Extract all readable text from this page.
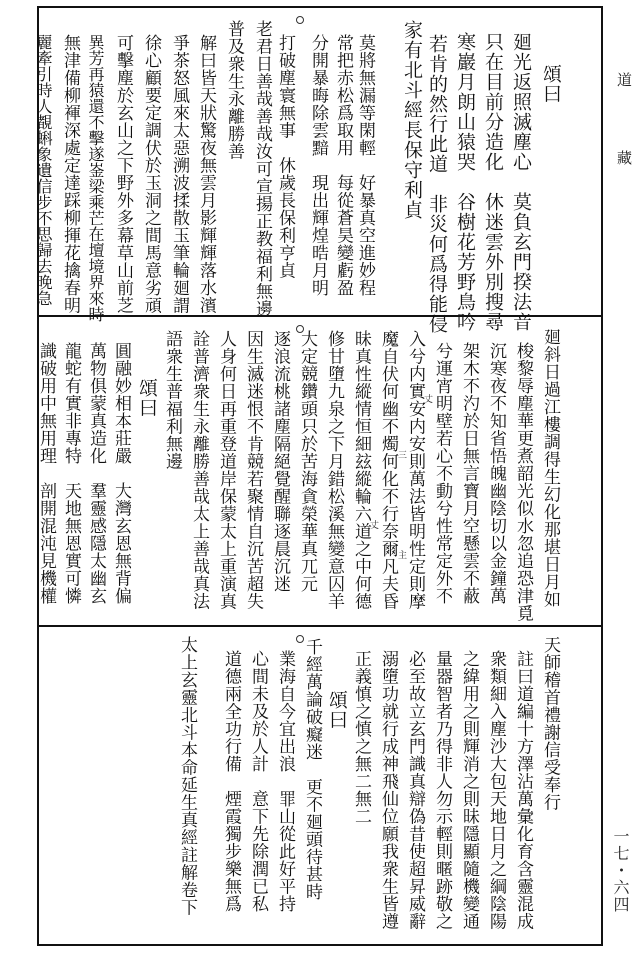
道
藏
一七・六四
家有北斗經長保守利貞 若肯的然行此道　非災何爲得能侵 寒巖月朗山猿哭　谷樹花芳野鳥吟 只在目前分造化　休迷雲外別搜尋 廻光返照滅塵心　莫負玄門揆法音 頌曰
莫將無漏等閑輕　好暴真空進妙程
常把赤松爲取用　每從蒼昊變虧盈
分開暴晦除雲黯　現出輝煌晧月明
打破塵寰無事　休歲長保利亨貞
老君日善哉善哉汝可宣揚正教福利無邊
普及衆生永離勝善
解曰皆天狀驚夜無雲月影輝輝落水濱
爭茶怒風來太惡溯波揉散玉筆輪廻謂
徐心顧要定調伏於玉洞之間馬意劣頑
可擊塵於玄山之下野外多幕草山前芝
異芳再猿還不擊遂崟梁乘芒在壇境界來時
無津備柳褌深處定達踩柳揮花擒春明
麗牽引時人覩蝌象遺信步不思歸去晚急
廻斜日過江樓調得生幻化那堪日月如
梭黎辱塵華更煮韶光似水忽追恐津覓
沉寒夜不知省悟魄幽陰切以金鐘萬
架木不汋於日無言寶月空懸雲不蔽
兮運宵明壁若心不動兮性常定外不
入兮内實安内安則萬法皆明性定則摩
魔自伏何幽不燭何化不行奈爾凡夫昏
昧真性縱情恒細玆縱輪六道之中何德
修甘墮九泉之下月錯松溪無變意囚羊
大定競鑽頭只於苦海貪榮華真兀元
逐浪流桃諸塵隔絕覺醒聯逐晨沉迷
因生滅迷恨不肯競若聚情自沉苦超失
人身何日再重登道岸保蒙太上重演真
詮普濟衆生永離勝善哉太上善哉真法
語衆生普福利無邊
頌曰
圓融妙相本莊嚴　大灣玄恩無背偏
萬物俱蒙真造化　羣靈感隱太幽玄
龍蛇有實非專特　天地無恩實可憐
識破用中無用理　剖開混沌見機權	丈
三
丈
主
天師稽首禮謝信受奉行
註曰道編十方澤沾萬彙化育含靈混成
衆類細入塵沙大包天地日月之綱陰陽
之緯用之則輝消之則昧隱顯隨機變通
量器智者乃得非人勿示輕則暱跡敬之
必至故立玄門識真辯偽昔使超昇威辭
溺墮功就行成神飛仙位願我衆生皆遵
正義慎之慎之無二無二
頌曰
千經萬論破癡迷　更不廻頭待甚時
業海自今宜出浪　罪山從此好平持
心間未及於人計　意下先除潤已私
道德兩全功行備　煙霞獨步樂無爲
太上玄靈北斗本命延生真經註解卷下
